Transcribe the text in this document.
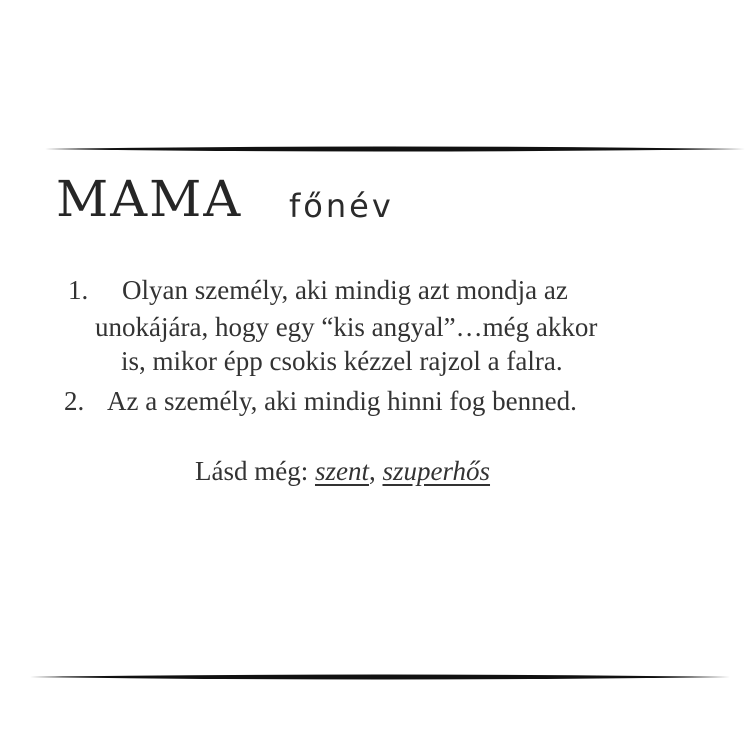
MAMA főnév
1. Olyan személy, aki mindig azt mondja az
unokájára, hogy egy “kis angyal”…még akkor
is, mikor épp csokis kézzel rajzol a falra.
2. Az a személy, aki mindig hinni fog benned.
Lásd még: szent, szuperhős
